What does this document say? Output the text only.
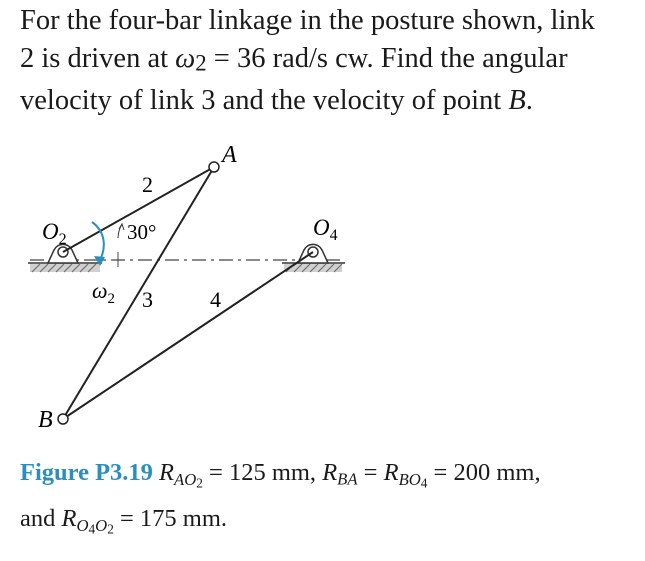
For the four-bar linkage in the posture shown, link
2 is driven at ω2 = 36 rad/s cw. Find the angular
velocity of link 3 and the velocity of point B.
A
B
$O_2$	$O_4$
2
3	4
30°
$\omega_2$
Figure P3.19 $R_{AO2} = 125$ mm, $R_{BA} = R_{BO4} = 200$ mm,
and $R_{O4O2} = 175$ mm.
